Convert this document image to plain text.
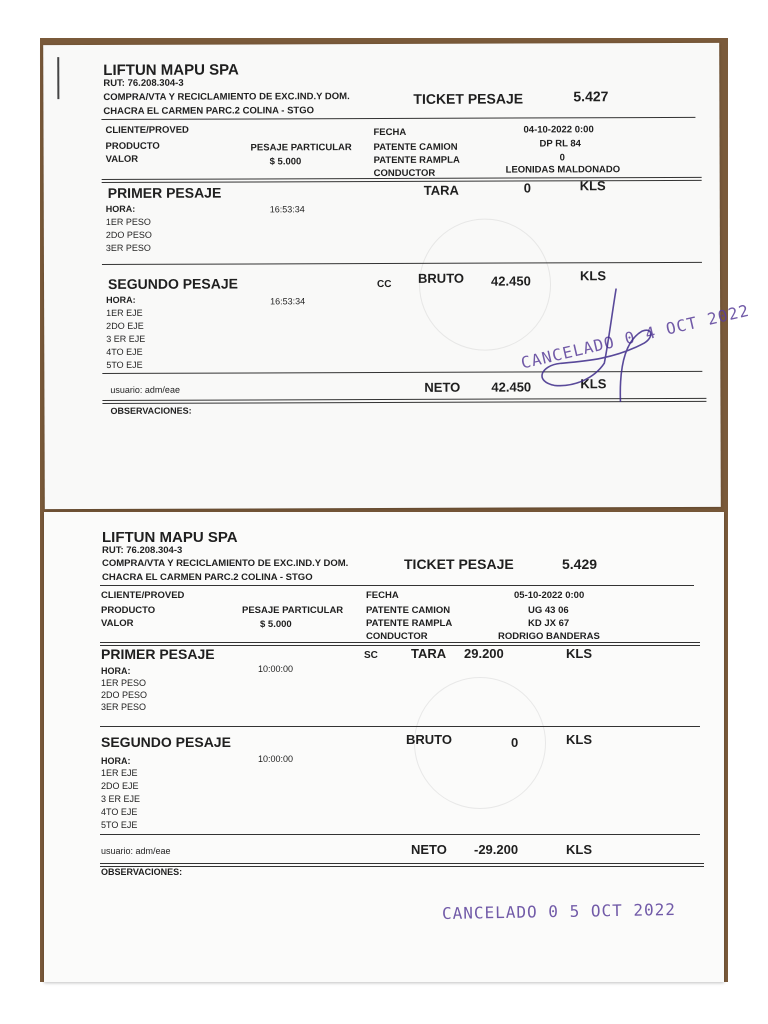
LIFTUN MAPU SPA
RUT: 76.208.304-3
COMPRA/VTA Y RECICLAMIENTO DE EXC.IND.Y DOM.
CHACRA EL CARMEN PARC.2 COLINA - STGO
TICKET PESAJE	5.427
CLIENTE/PROVED
PRODUCTO	PESAJE PARTICULAR
VALOR	$ 5.000
FECHA	04-10-2022 0:00
PATENTE CAMION	DP RL 84
PATENTE RAMPLA	0
CONDUCTOR	LEONIDAS MALDONADO
PRIMER PESAJE	TARA	0	KLS
HORA:	16:53:34
1ER PESO
2DO PESO
3ER PESO
SEGUNDO PESAJE	CC BRUTO 42.450	KLS
HORA:	16:53:34
1ER EJE
2DO EJE
3 ER EJE
4TO EJE
5TO EJE
usuario: adm/eae	NETO 42.450	KLS
OBSERVACIONES:
CANCELADO 0 4 OCT 2022
LIFTUN MAPU SPA
RUT: 76.208.304-3
COMPRA/VTA Y RECICLAMIENTO DE EXC.IND.Y DOM.
CHACRA EL CARMEN PARC.2 COLINA - STGO
TICKET PESAJE	5.429
CLIENTE/PROVED
PRODUCTO	PESAJE PARTICULAR
VALOR	$ 5.000
FECHA	05-10-2022 0:00
PATENTE CAMION	UG 43 06
PATENTE RAMPLA	KD JX 67
CONDUCTOR	RODRIGO BANDERAS
PRIMER PESAJE	SC	TARA 29.200	KLS
HORA:	10:00:00
1ER PESO
2DO PESO
3ER PESO
SEGUNDO PESAJE	BRUTO	0	KLS
HORA:	10:00:00
1ER EJE
2DO EJE
3 ER EJE
4TO EJE
5TO EJE
usuario: adm/eae	NETO -29.200	KLS
OBSERVACIONES:
CANCELADO 0 5 OCT 2022
